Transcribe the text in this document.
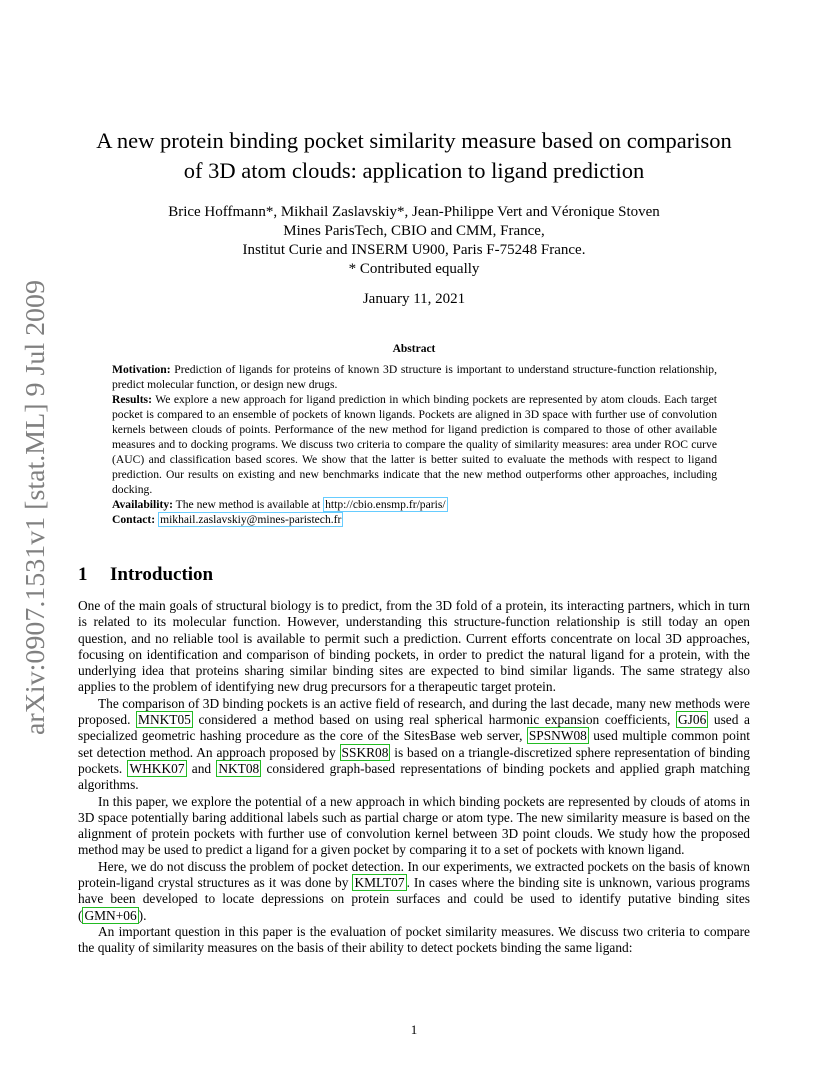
arXiv:0907.1531v1 [stat.ML] 9 Jul 2009
A new protein binding pocket similarity measure based on comparison
of 3D atom clouds: application to ligand prediction
Brice Hoffmann*, Mikhail Zaslavskiy*, Jean-Philippe Vert and Véronique Stoven
Mines ParisTech, CBIO and CMM, France,
Institut Curie and INSERM U900, Paris F-75248 France.
* Contributed equally
January 11, 2021
Abstract

Motivation: Prediction of ligands for proteins of known 3D structure is important to understand structure-function relationship, predict molecular function, or design new drugs.

Results: We explore a new approach for ligand prediction in which binding pockets are represented by atom clouds. Each target pocket is compared to an ensemble of pockets of known ligands. Pockets are aligned in 3D space with further use of convolution kernels between clouds of points. Performance of the new method for ligand prediction is compared to those of other available measures and to docking programs. We discuss two criteria to compare the quality of similarity measures: area under ROC curve (AUC) and classification based scores. We show that the latter is better suited to evaluate the methods with respect to ligand prediction. Our results on existing and new benchmarks indicate that the new method outperforms other approaches, including docking.

Availability: The new method is available at http://cbio.ensmp.fr/paris/

Contact: mikhail.zaslavskiy@mines-paristech.fr

1 Introduction

One of the main goals of structural biology is to predict, from the 3D fold of a protein, its interacting partners, which in turn is related to its molecular function. However, understanding this structure-function relationship is still today an open question, and no reliable tool is available to permit such a prediction. Current efforts concentrate on local 3D approaches, focusing on identification and comparison of binding pockets, in order to predict the natural ligand for a protein, with the underlying idea that proteins sharing similar binding sites are expected to bind similar ligands. The same strategy also applies to the problem of identifying new drug precursors for a therapeutic target protein.

The comparison of 3D binding pockets is an active field of research, and during the last decade, many new methods were proposed. MNKT05 considered a method based on using real spherical harmonic expansion coefficients, GJ06 used a specialized geometric hashing procedure as the core of the SitesBase web server, SPSNW08 used multiple common point set detection method. An approach proposed by SSKR08 is based on a triangle-discretized sphere representation of binding pockets. WHKK07 and NKT08 considered graph-based representations of binding pockets and applied graph matching algorithms.

In this paper, we explore the potential of a new approach in which binding pockets are represented by clouds of atoms in 3D space potentially baring additional labels such as partial charge or atom type. The new similarity measure is based on the alignment of protein pockets with further use of convolution kernel between 3D point clouds. We study how the proposed method may be used to predict a ligand for a given pocket by comparing it to a set of pockets with known ligand.

Here, we do not discuss the problem of pocket detection. In our experiments, we extracted pockets on the basis of known protein-ligand crystal structures as it was done by KMLT07 . In cases where the binding site is unknown, various programs have been developed to locate depressions on protein surfaces and could be used to identify putative binding sites ( GMN+06 ).

An important question in this paper is the evaluation of pocket similarity measures. We discuss two criteria to compare the quality of similarity measures on the basis of their ability to detect pockets binding the same ligand:

1
